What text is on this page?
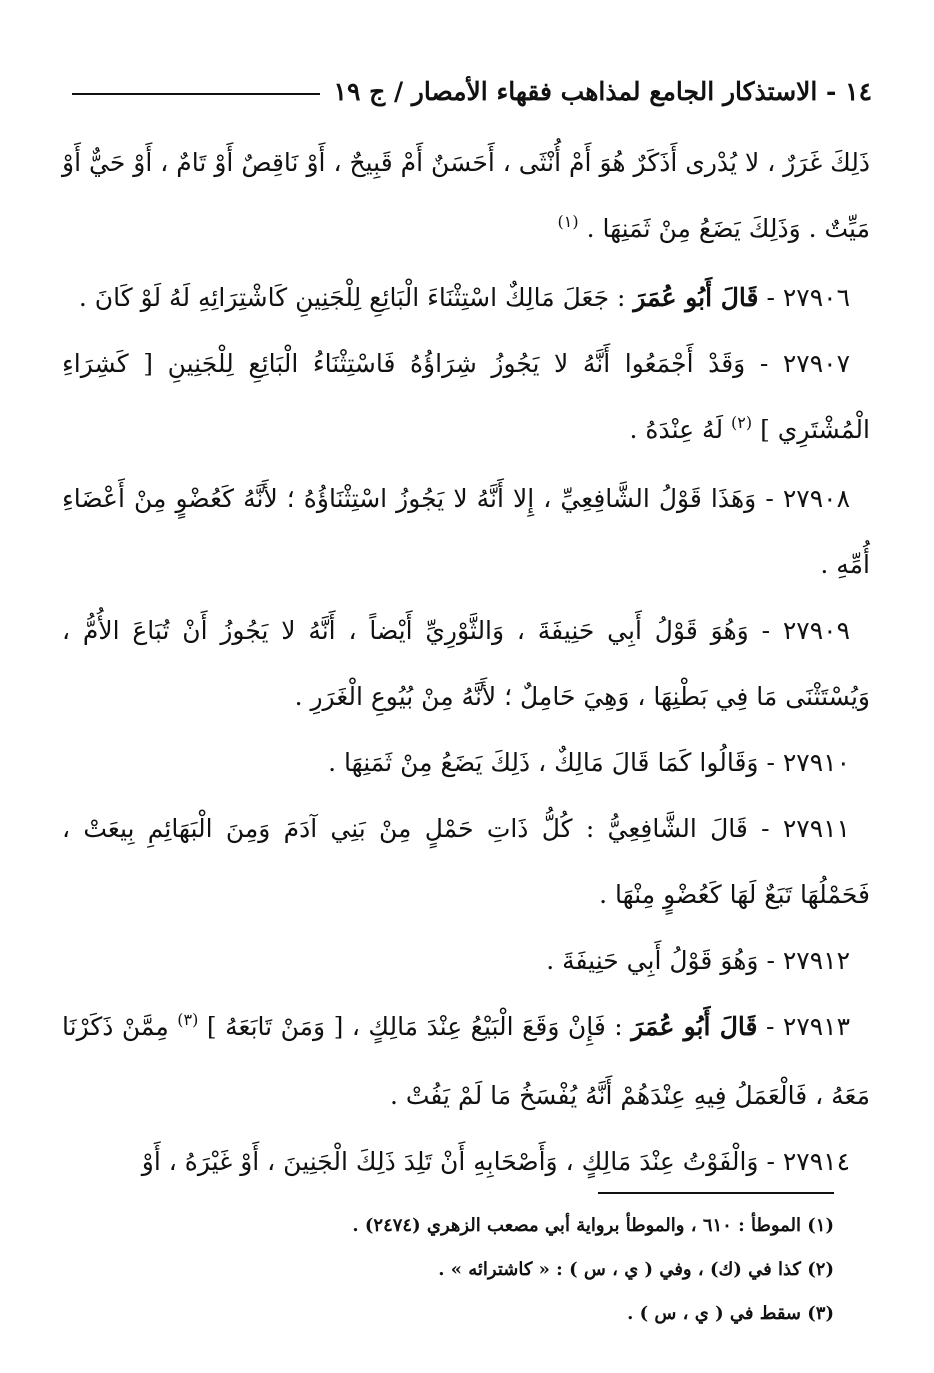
١٤ - الاستذكار الجامع لمذاهب فقهاء الأمصار / ج ١٩

ذَلِكَ غَرَرٌ ، لا يُدْرى أَذَكَرٌ هُوَ أَمْ أُنْثَى ، أَحَسَنٌ أَمْ قَبِيحٌ ، أَوْ نَاقِصٌ أَوْ تَامٌ ، أَوْ حَيٌّ أَوْ مَيِّتٌ . وَذَلِكَ يَضَعُ مِنْ ثَمَنِهَا . $^{(١)}$

٢٧٩٠٦ - قَالَ أَبُو عُمَرَ : جَعَلَ مَالِكٌ اسْتِثْنَاءَ الْبَائِعِ لِلْجَنِينِ كَاشْتِرَائِهِ لَهُ لَوْ كَانَ .

٢٧٩٠٧ - وَقَدْ أَجْمَعُوا أَنَّهُ لا يَجُوزُ شِرَاؤُهُ فَاسْتِثْنَاءُ الْبَائِعِ لِلْجَنِينِ [ كَشِرَاءِ الْمُشْتَرِي ] $^{(٢)}$ لَهُ عِنْدَهُ .

٢٧٩٠٨ - وَهَذَا قَوْلُ الشَّافِعِيِّ ، إِلا أَنَّهُ لا يَجُوزُ اسْتِثْنَاؤُهُ ؛ لأَنَّهُ كَعُضْوٍ مِنْ أَعْضَاءِ أُمِّهِ .

٢٧٩٠٩ - وَهُوَ قَوْلُ أَبِي حَنِيفَةَ ، وَالثَّوْرِيِّ أَيْضاً ، أَنَّهُ لا يَجُوزُ أَنْ تُبَاعَ الأُمُّ ، وَيُسْتَثْنَى مَا فِي بَطْنِهَا ، وَهِيَ حَامِلٌ ؛ لأَنَّهُ مِنْ بُيُوعِ الْغَرَرِ .

٢٧٩١٠ - وَقَالُوا كَمَا قَالَ مَالِكٌ ، ذَلِكَ يَضَعُ مِنْ ثَمَنِهَا .

٢٧٩١١ - قَالَ الشَّافِعِيُّ : كُلُّ ذَاتِ حَمْلٍ مِنْ بَنِي آدَمَ وَمِنَ الْبَهَائِمِ بِيعَتْ ، فَحَمْلُهَا تَبَعٌ لَهَا كَعُضْوٍ مِنْهَا .

٢٧٩١٢ - وَهُوَ قَوْلُ أَبِي حَنِيفَةَ .

٢٧٩١٣ - قَالَ أَبُو عُمَرَ : فَإِنْ وَقَعَ الْبَيْعُ عِنْدَ مَالِكٍ ، [ وَمَنْ تَابَعَهُ ] $^{(٣)}$ مِمَّنْ ذَكَرْنَا مَعَهُ ، فَالْعَمَلُ فِيهِ عِنْدَهُمْ أَنَّهُ يُفْسَخُ مَا لَمْ يَفُتْ .

٢٧٩١٤ - وَالْفَوْتُ عِنْدَ مَالِكٍ ، وَأَصْحَابِهِ أَنْ تَلِدَ ذَلِكَ الْجَنِينَ ، أَوْ غَيْرَهُ ، أَوْ

(١) الموطأ : ٦١٠ ، والموطأ برواية أبي مصعب الزهري (٢٤٧٤) .
(٢) كذا في (ك) ، وفي ( ي ، س ) : « كاشترائه » .
(٣) سقط في ( ي ، س ) .
